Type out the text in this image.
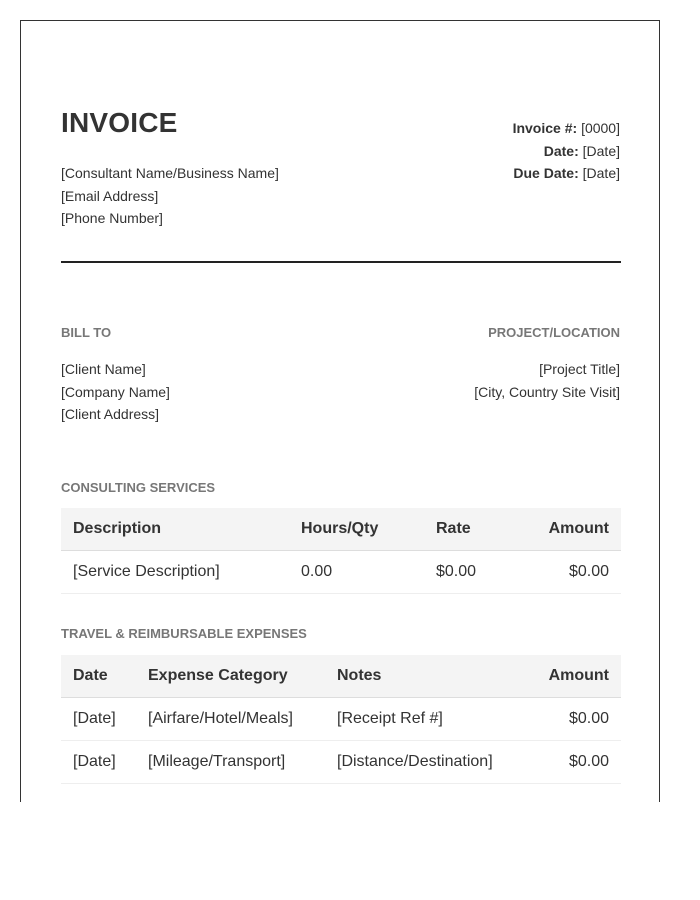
INVOICE
[Consultant Name/Business Name]
[Email Address]
[Phone Number]
Invoice #: [0000]
Date: [Date]
Due Date: [Date]
BILL TO	PROJECT/LOCATION
[Client Name]
[Company Name]
[Client Address]
[Project Title]
[City, Country Site Visit]
CONSULTING SERVICES
Description	Hours/Qty	Rate	Amount
[Service Description]	0.00	$0.00	$0.00
TRAVEL & REIMBURSABLE EXPENSES
Date	Expense Category	Notes	Amount
[Date]	[Airfare/Hotel/Meals]	[Receipt Ref #]	$0.00
[Date]	[Mileage/Transport]	[Distance/Destination]	$0.00
